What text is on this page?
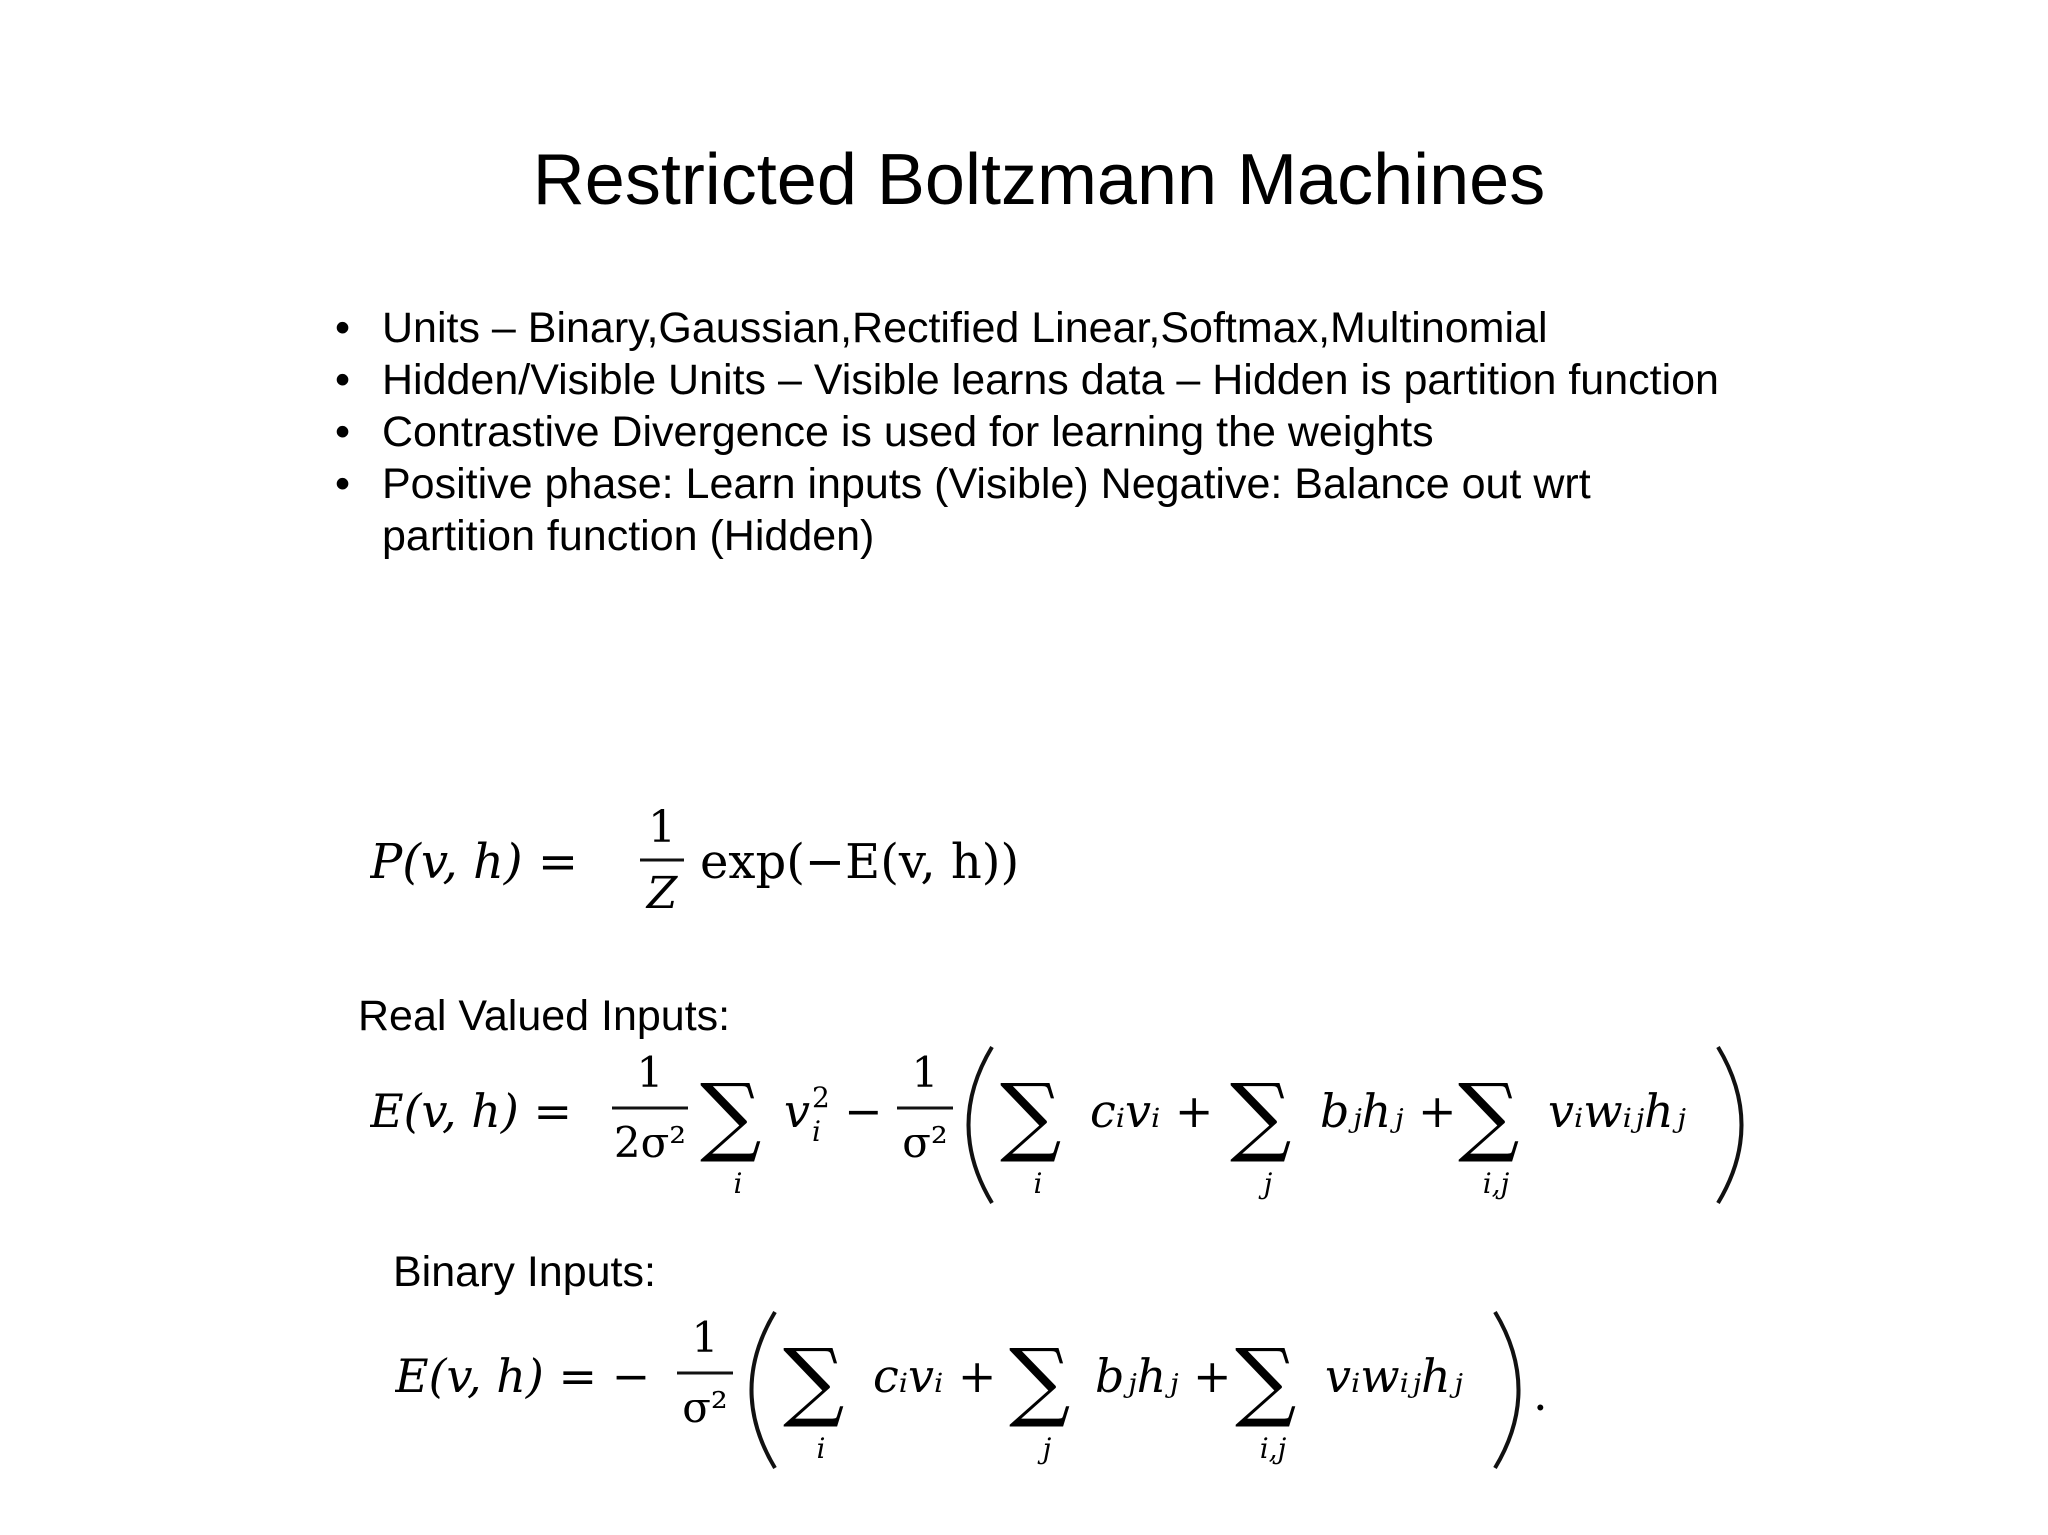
Restricted Boltzmann Machines
• Units – Binary,Gaussian,Rectified Linear,Softmax,Multinomial
• Hidden/Visible Units – Visible learns data – Hidden is partition function
• Contrastive Divergence is used for learning the weights
• Positive phase: Learn inputs (Visible) Negative: Balance out wrt partition function (Hidden)
P(v, h) =
1
Z
exp(−E(v, h))
Real Valued Inputs:
E(v, h) =
1
2σ² ∑
i
v 2
i −
1
σ² ∑
i
cᵢvᵢ + ∑
j
bⱼhⱼ + ∑
i,j
vᵢwᵢⱼhⱼ
Binary Inputs:
E(v, h) = −
1
σ² ∑
i
cᵢvᵢ + ∑
j
bⱼhⱼ + ∑
i,j
vᵢwᵢⱼhⱼ .
